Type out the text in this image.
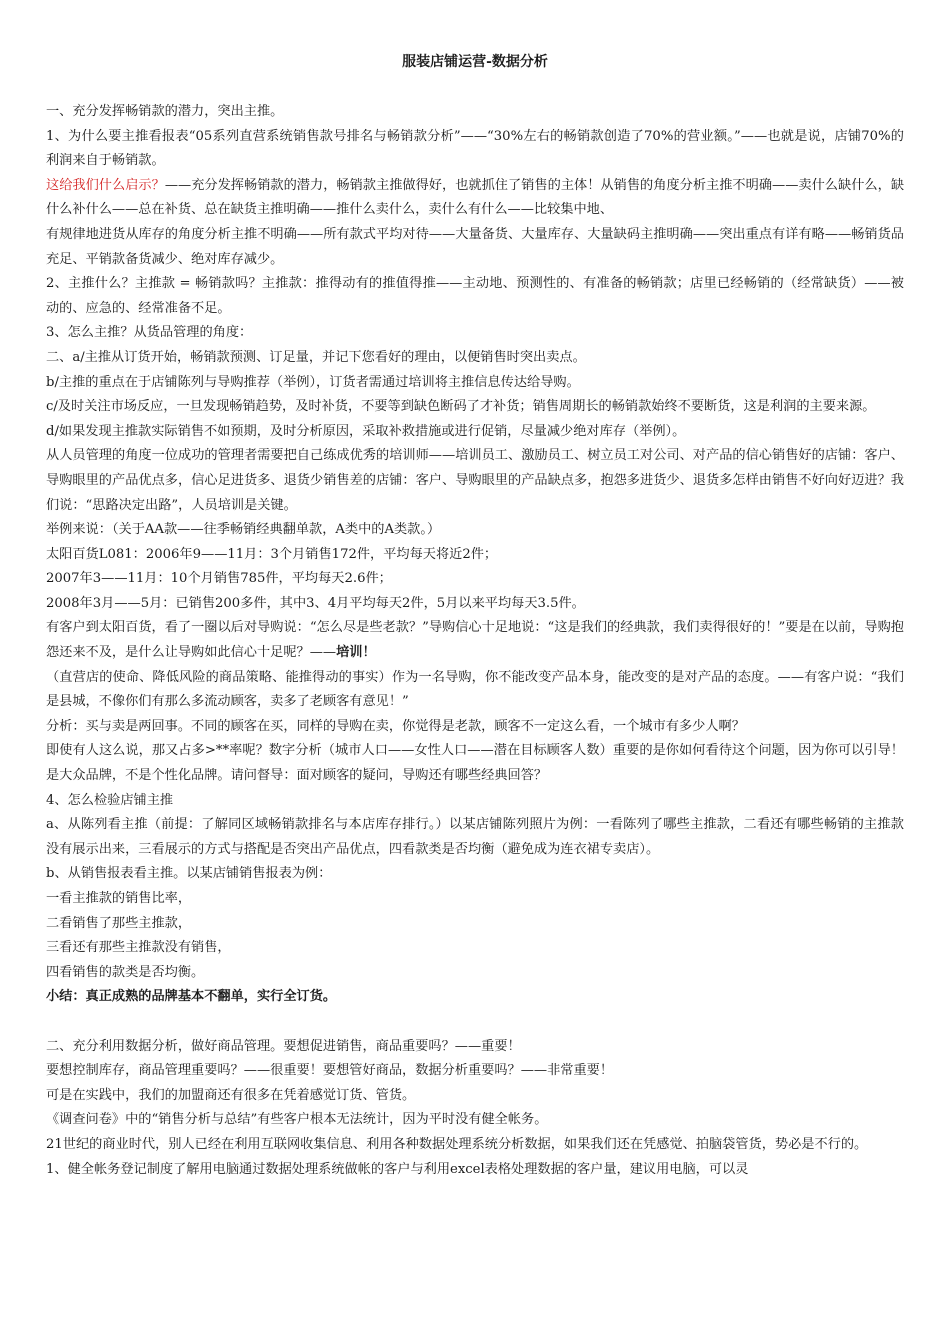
服装店铺运营-数据分析

一、充分发挥畅销款的潜力，突出主推。

1、为什么要主推看报表“05系列直营系统销售款号排名与畅销款分析”——“30%左右的畅销款创造了70%的营业额。”——也就是说，店铺70%的利润来自于畅销款。

这给我们什么启示？——充分发挥畅销款的潜力，畅销款主推做得好，也就抓住了销售的主体！从销售的角度分析主推不明确——卖什么缺什么，缺什么补什么——总在补货、总在缺货主推明确——推什么卖什么，卖什么有什么——比较集中地、

有规律地进货从库存的角度分析主推不明确——所有款式平均对待——大量备货、大量库存、大量缺码主推明确——突出重点有详有略——畅销货品充足、平销款备货减少、绝对库存减少。

2、主推什么？主推款 = 畅销款吗？主推款：推得动有的推值得推——主动地、预测性的、有准备的畅销款；店里已经畅销的（经常缺货）——被动的、应急的、经常准备不足。

3、怎么主推？从货品管理的角度：

二、a/主推从订货开始，畅销款预测、订足量，并记下您看好的理由，以便销售时突出卖点。

b/主推的重点在于店铺陈列与导购推荐（举例），订货者需通过培训将主推信息传达给导购。

c/及时关注市场反应，一旦发现畅销趋势，及时补货，不要等到缺色断码了才补货；销售周期长的畅销款始终不要断货，这是利润的主要来源。

d/如果发现主推款实际销售不如预期，及时分析原因，采取补救措施或进行促销，尽量减少绝对库存（举例）。

从人员管理的角度一位成功的管理者需要把自己练成优秀的培训师——培训员工、激励员工、树立员工对公司、对产品的信心销售好的店铺：客户、导购眼里的产品优点多，信心足进货多、退货少销售差的店铺：客户、导购眼里的产品缺点多，抱怨多进货少、退货多怎样由销售不好向好迈进？我们说：“思路决定出路”，人员培训是关键。

举例来说：（关于AA款——往季畅销经典翻单款，A类中的A类款。）

太阳百货L081：2006年9——11月：3个月销售172件，平均每天将近2件；

2007年3——11月：10个月销售785件，平均每天2.6件；

2008年3月——5月：已销售200多件，其中3、4月平均每天2件，5月以来平均每天3.5件。

有客户到太阳百货，看了一圈以后对导购说：“怎么尽是些老款？”导购信心十足地说：“这是我们的经典款，我们卖得很好的！”要是在以前，导购抱怨还来不及，是什么让导购如此信心十足呢？——培训！

（直营店的使命、降低风险的商品策略、能推得动的事实）作为一名导购，你不能改变产品本身，能改变的是对产品的态度。——有客户说：“我们是县城，不像你们有那么多流动顾客，卖多了老顾客有意见！”

分析：买与卖是两回事。不同的顾客在买，同样的导购在卖，你觉得是老款，顾客不一定这么看，一个城市有多少人啊？

即使有人这么说，那又占多>**率呢？数字分析（城市人口——女性人口——潜在目标顾客人数）重要的是你如何看待这个问题，因为你可以引导！是大众品牌，不是个性化品牌。请问督导：面对顾客的疑问，导购还有哪些经典回答？

4、怎么检验店铺主推

a、从陈列看主推（前提：了解同区域畅销款排名与本店库存排行。）以某店铺陈列照片为例：一看陈列了哪些主推款，二看还有哪些畅销的主推款没有展示出来，三看展示的方式与搭配是否突出产品优点，四看款类是否均衡（避免成为连衣裙专卖店）。

b、从销售报表看主推。以某店铺销售报表为例：

一看主推款的销售比率，

二看销售了那些主推款，

三看还有那些主推款没有销售，

四看销售的款类是否均衡。

小结：真正成熟的品牌基本不翻单，实行全订货。

二、充分利用数据分析，做好商品管理。要想促进销售，商品重要吗？——重要！

要想控制库存，商品管理重要吗？——很重要！要想管好商品，数据分析重要吗？——非常重要！

可是在实践中，我们的加盟商还有很多在凭着感觉订货、管货。

《调查问卷》中的“销售分析与总结”有些客户根本无法统计，因为平时没有健全帐务。

21世纪的商业时代，别人已经在利用互联网收集信息、利用各种数据处理系统分析数据，如果我们还在凭感觉、拍脑袋管货，势必是不行的。

1、健全帐务登记制度了解用电脑通过数据处理系统做帐的客户与利用excel表格处理数据的客户量，建议用电脑，可以灵
